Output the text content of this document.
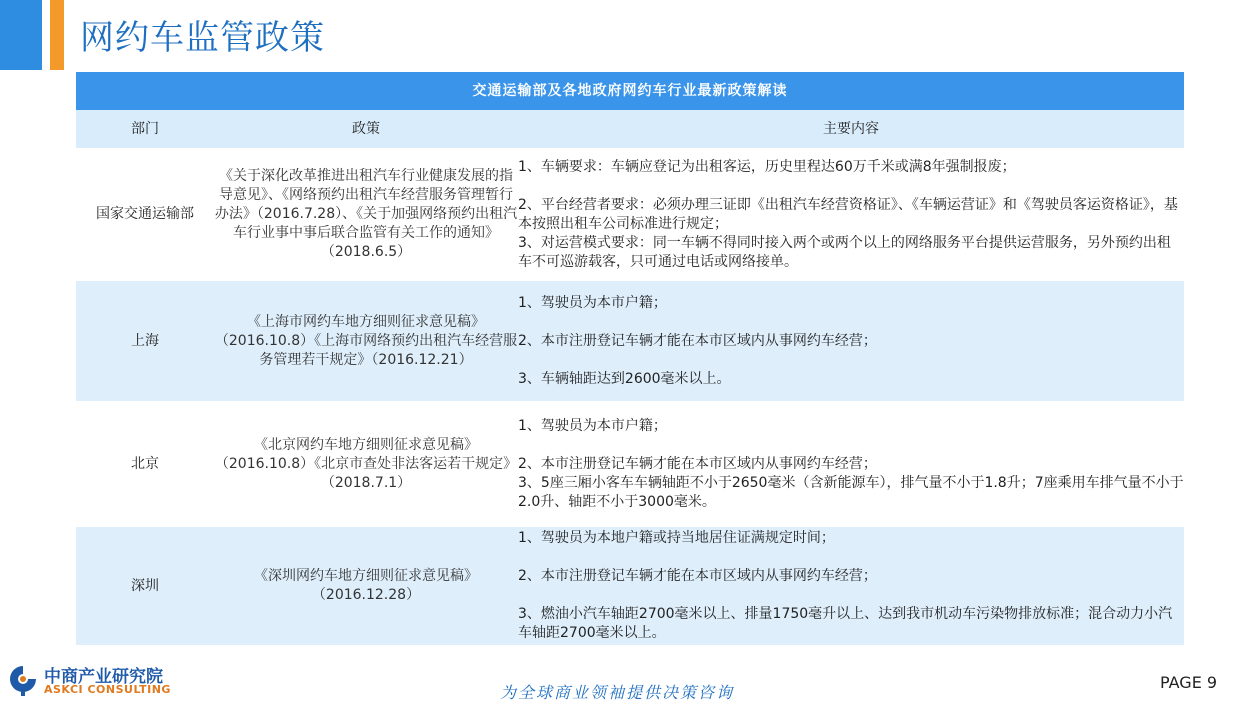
网约车监管政策
交通运输部及各地政府网约车行业最新政策解读		
部门	政策	主要内容
国家交通运输部	《关于深化改革推进出租汽车行业健康发展的指导意见》、《网络预约出租汽车经营服务管理暂行办法》（2016.7.28）、《关于加强网络预约出租汽车行业事中事后联合监管有关工作的通知》（2018.6.5）	1、车辆要求：车辆应登记为出租客运，历史里程达60万千米或满8年强制报废；
2、平台经营者要求：必须办理三证即《出租汽车经营资格证》、《车辆运营证》和《驾驶员客运资格证》，基本按照出租车公司标准进行规定；
3、对运营模式要求：同一车辆不得同时接入两个或两个以上的网络服务平台提供运营服务，另外预约出租车不可巡游载客，只可通过电话或网络接单。

上海	《上海市网约车地方细则征求意见稿》（2016.10.8）《上海市网络预约出租汽车经营服务管理若干规定》（2016.12.21）	1、驾驶员为本市户籍；
2、本市注册登记车辆才能在本市区域内从事网约车经营；
3、车辆轴距达到2600毫米以上。

北京	《北京网约车地方细则征求意见稿》（2016.10.8）《北京市查处非法客运若干规定》（2018.7.1）	1、驾驶员为本市户籍；
2、本市注册登记车辆才能在本市区域内从事网约车经营；
3、5座三厢小客车车辆轴距不小于2650毫米（含新能源车），排气量不小于1.8升；7座乘用车排气量不小于2.0升、轴距不小于3000毫米。

深圳	《深圳网约车地方细则征求意见稿》（2016.12.28）	1、驾驶员为本地户籍或持当地居住证满规定时间；
2、本市注册登记车辆才能在本市区域内从事网约车经营；
3、燃油小汽车轴距2700毫米以上、排量1750毫升以上、达到我市机动车污染物排放标准；混合动力小汽车轴距2700毫米以上。
中商产业研究院
ASKCI CONSULTING	为全球商业领袖提供决策咨询
PAGE 9
